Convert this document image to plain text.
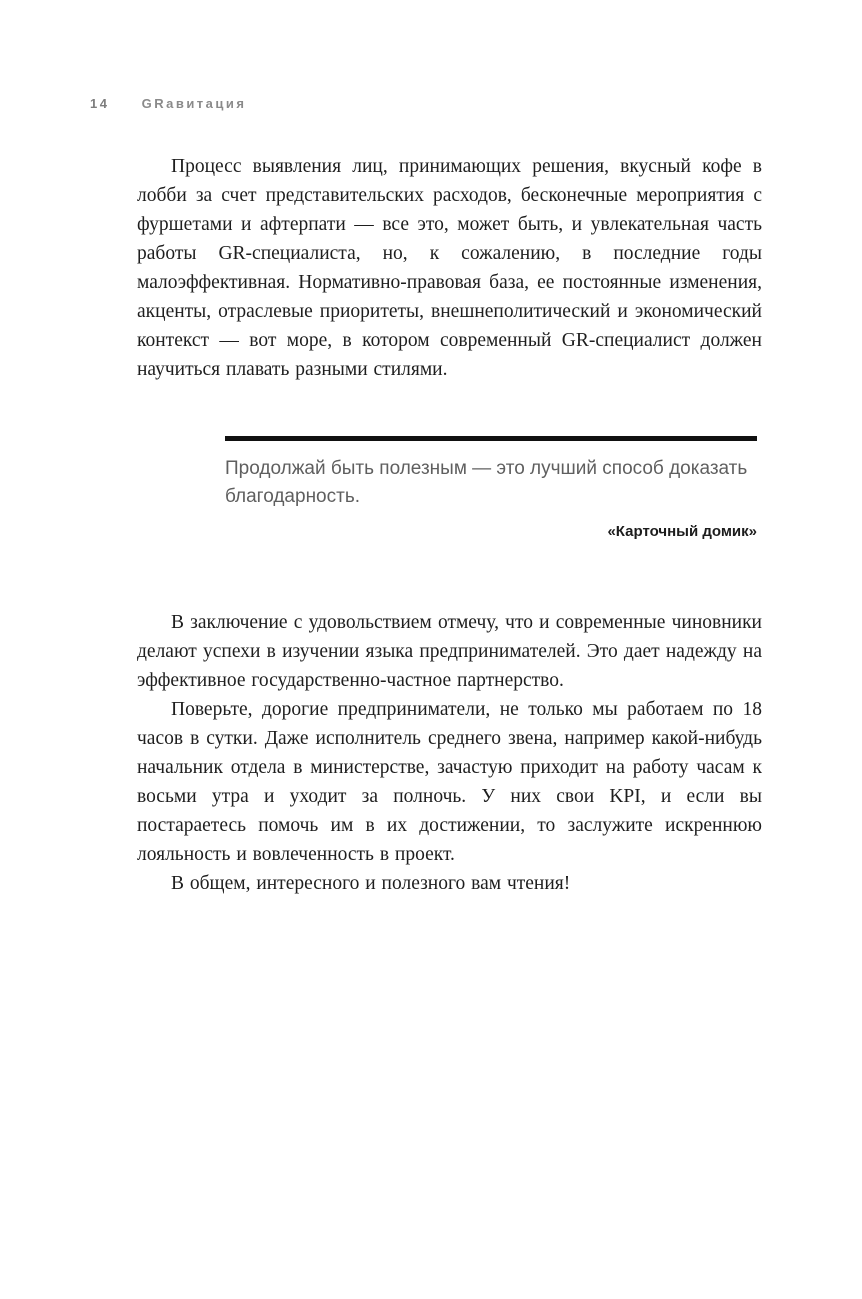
14 GRавитация

Процесс выявления лиц, принимающих решения, вкусный кофе в лобби за счет представительских расходов, бесконечные мероприятия с фуршетами и афтерпати — все это, может быть, и увлекательная часть работы GR-специалиста, но, к сожалению, в последние годы малоэффективная. Нормативно-правовая база, ее постоянные изменения, акценты, отраслевые приоритеты, внешнеполитический и экономический контекст — вот море, в котором современный GR-специалист должен научиться плавать разными стилями.

Продолжай быть полезным — это лучший способ доказать благодарность.

«Карточный домик»

В заключение с удовольствием отмечу, что и современные чиновники делают успехи в изучении языка предпринимателей. Это дает надежду на эффективное государственно-частное партнерство.

Поверьте, дорогие предприниматели, не только мы работаем по 18 часов в сутки. Даже исполнитель среднего звена, например какой-нибудь начальник отдела в министерстве, зачастую приходит на работу часам к восьми утра и уходит за полночь. У них свои KPI, и если вы постараетесь помочь им в их достижении, то заслужите искреннюю лояльность и вовлеченность в проект.

В общем, интересного и полезного вам чтения!
